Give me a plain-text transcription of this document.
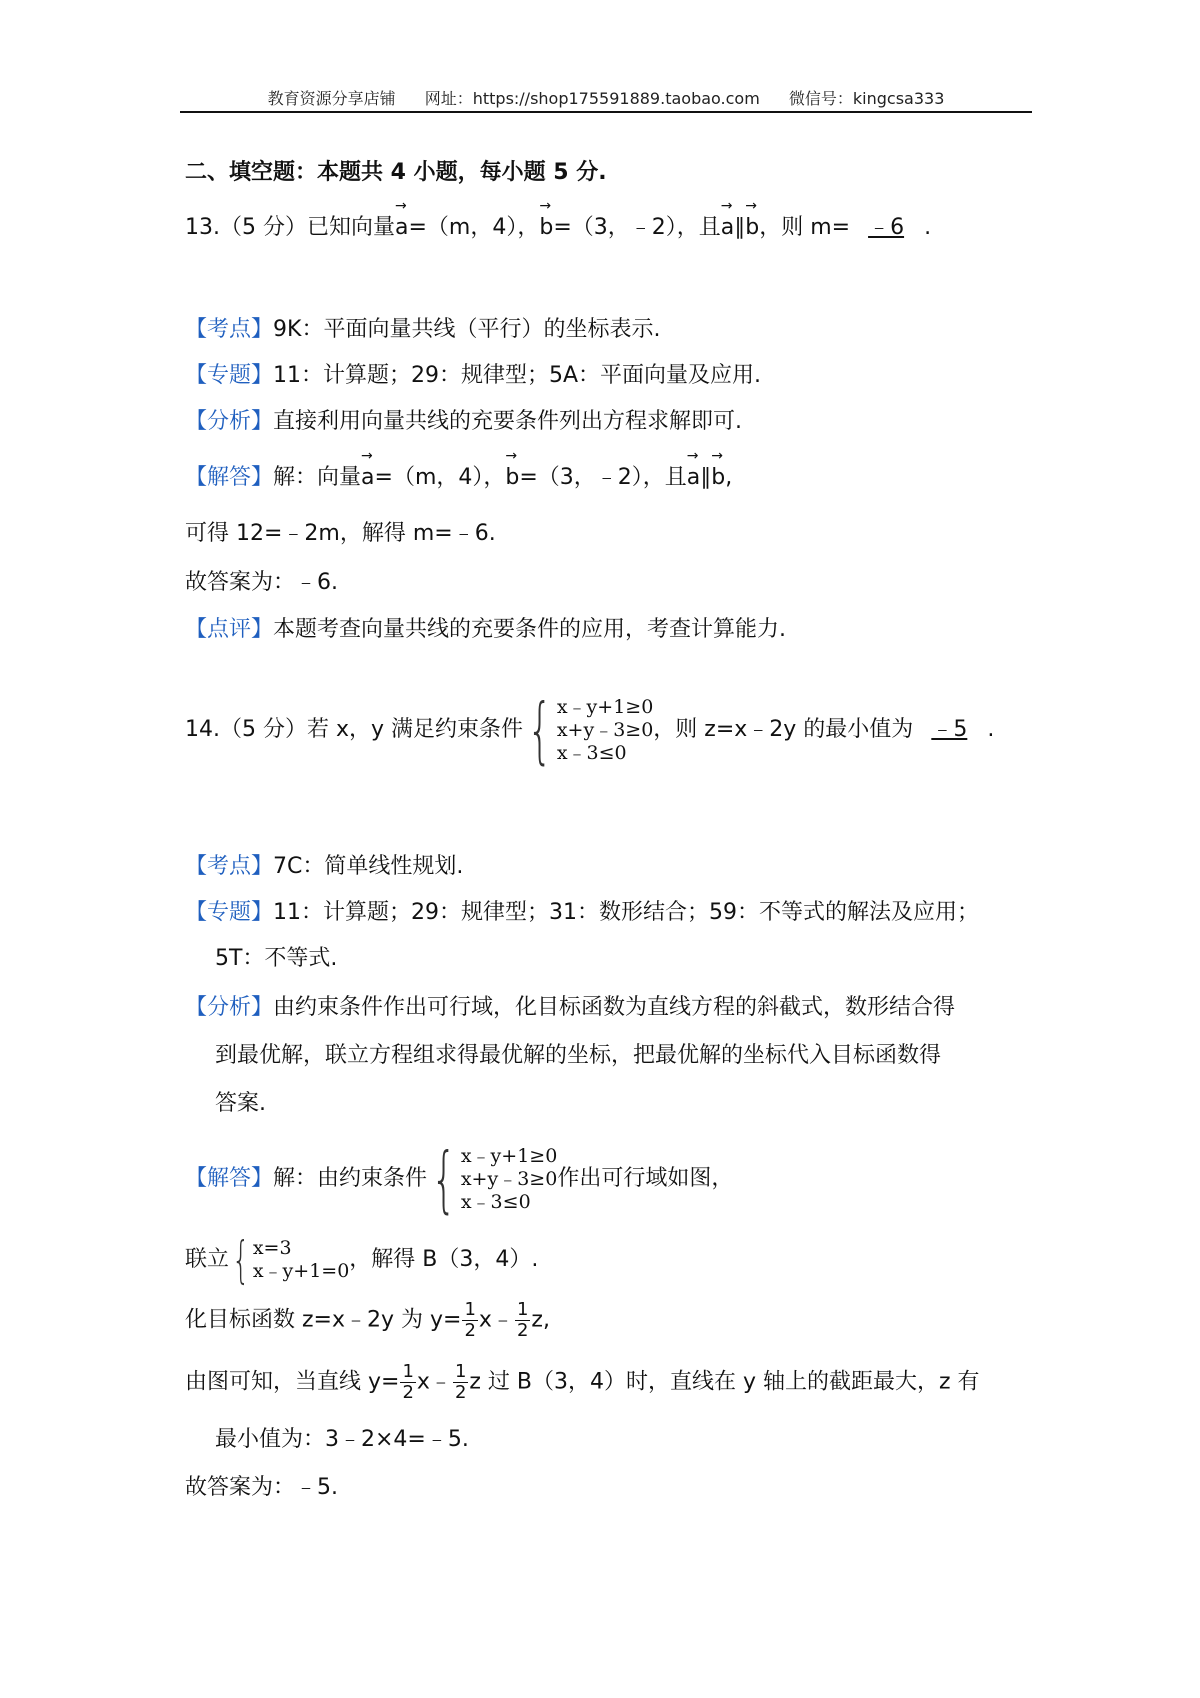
教育资源分享店铺 网址：https://shop175591889.taobao.com 微信号：kingcsa333
二、填空题：本题共 4 小题，每小题 5 分.
13.（5 分）已知向量→ a=（m，4），→ b=（3，﹣2），且→ a∥→ b，则 m= ﹣6 .
【考点】9K：平面向量共线（平行）的坐标表示.
【专题】11：计算题；29：规律型；5A：平面向量及应用.
【分析】直接利用向量共线的充要条件列出方程求解即可.
【解答】解：向量→ a=（m，4），→ b=（3，﹣2），且→ a∥→ b,
可得 12=﹣2m，解得 m=﹣6.
故答案为：﹣6.
【点评】本题考查向量共线的充要条件的应用，考查计算能力.
14.（5 分）若 x，y 满足约束条件 { x﹣y+1≥0
x+y﹣3≥0
x﹣3≤0
，则 z=x﹣2y 的最小值为 ﹣5 .
【考点】7C：简单线性规划.
【专题】11：计算题；29：规律型；31：数形结合；59：不等式的解法及应用；
5T：不等式.
【分析】由约束条件作出可行域，化目标函数为直线方程的斜截式，数形结合得
到最优解，联立方程组求得最优解的坐标，把最优解的坐标代入目标函数得
答案.
【解答】解：由约束条件 { x﹣y+1≥0
x+y﹣3≥0
x﹣3≤0
作出可行域如图，
联立 { x=3
x﹣y+1=0 ，解得 B（3，4）.
化目标函数 z=x﹣2y 为 $y= \frac{1}{2}$ x﹣ $\frac{1}{2} z$,
由图可知，当直线 $y= \frac{1}{2}$ x﹣ $\frac{1}{2}$ z 过 B（3，4）时，直线在 y 轴上的截距最大，z 有
最小值为：3﹣2×4=﹣5.
故答案为：﹣5.
